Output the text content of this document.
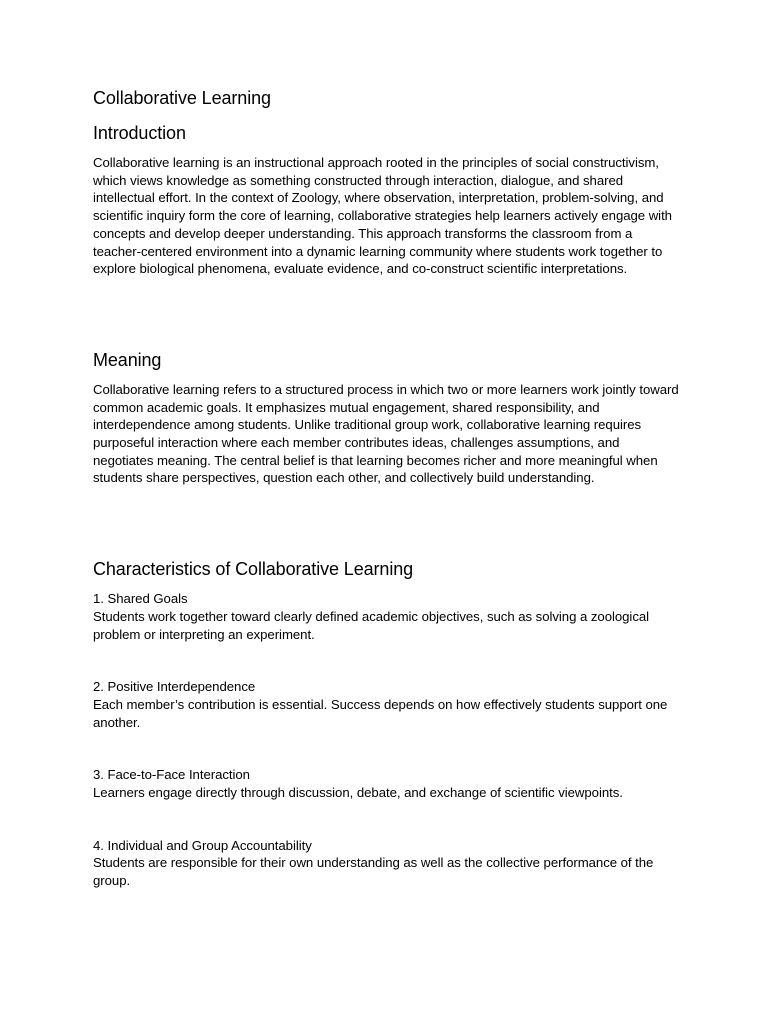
Collaborative Learning
Introduction

Collaborative learning is an instructional approach rooted in the principles of social constructivism, which views knowledge as something constructed through interaction, dialogue, and shared intellectual effort. In the context of Zoology, where observation, interpretation, problem-solving, and scientific inquiry form the core of learning, collaborative strategies help learners actively engage with concepts and develop deeper understanding. This approach transforms the classroom from a teacher-centered environment into a dynamic learning community where students work together to explore biological phenomena, evaluate evidence, and co-construct scientific interpretations.

Meaning

Collaborative learning refers to a structured process in which two or more learners work jointly toward common academic goals. It emphasizes mutual engagement, shared responsibility, and interdependence among students. Unlike traditional group work, collaborative learning requires purposeful interaction where each member contributes ideas, challenges assumptions, and negotiates meaning. The central belief is that learning becomes richer and more meaningful when students share perspectives, question each other, and collectively build understanding.

Characteristics of Collaborative Learning
1. Shared Goals
Students work together toward clearly defined academic objectives, such as solving a zoological problem or interpreting an experiment.
2. Positive Interdependence
Each member’s contribution is essential. Success depends on how effectively students support one another.
3. Face-to-Face Interaction
Learners engage directly through discussion, debate, and exchange of scientific viewpoints.
4. Individual and Group Accountability
Students are responsible for their own understanding as well as the collective performance of the group.
